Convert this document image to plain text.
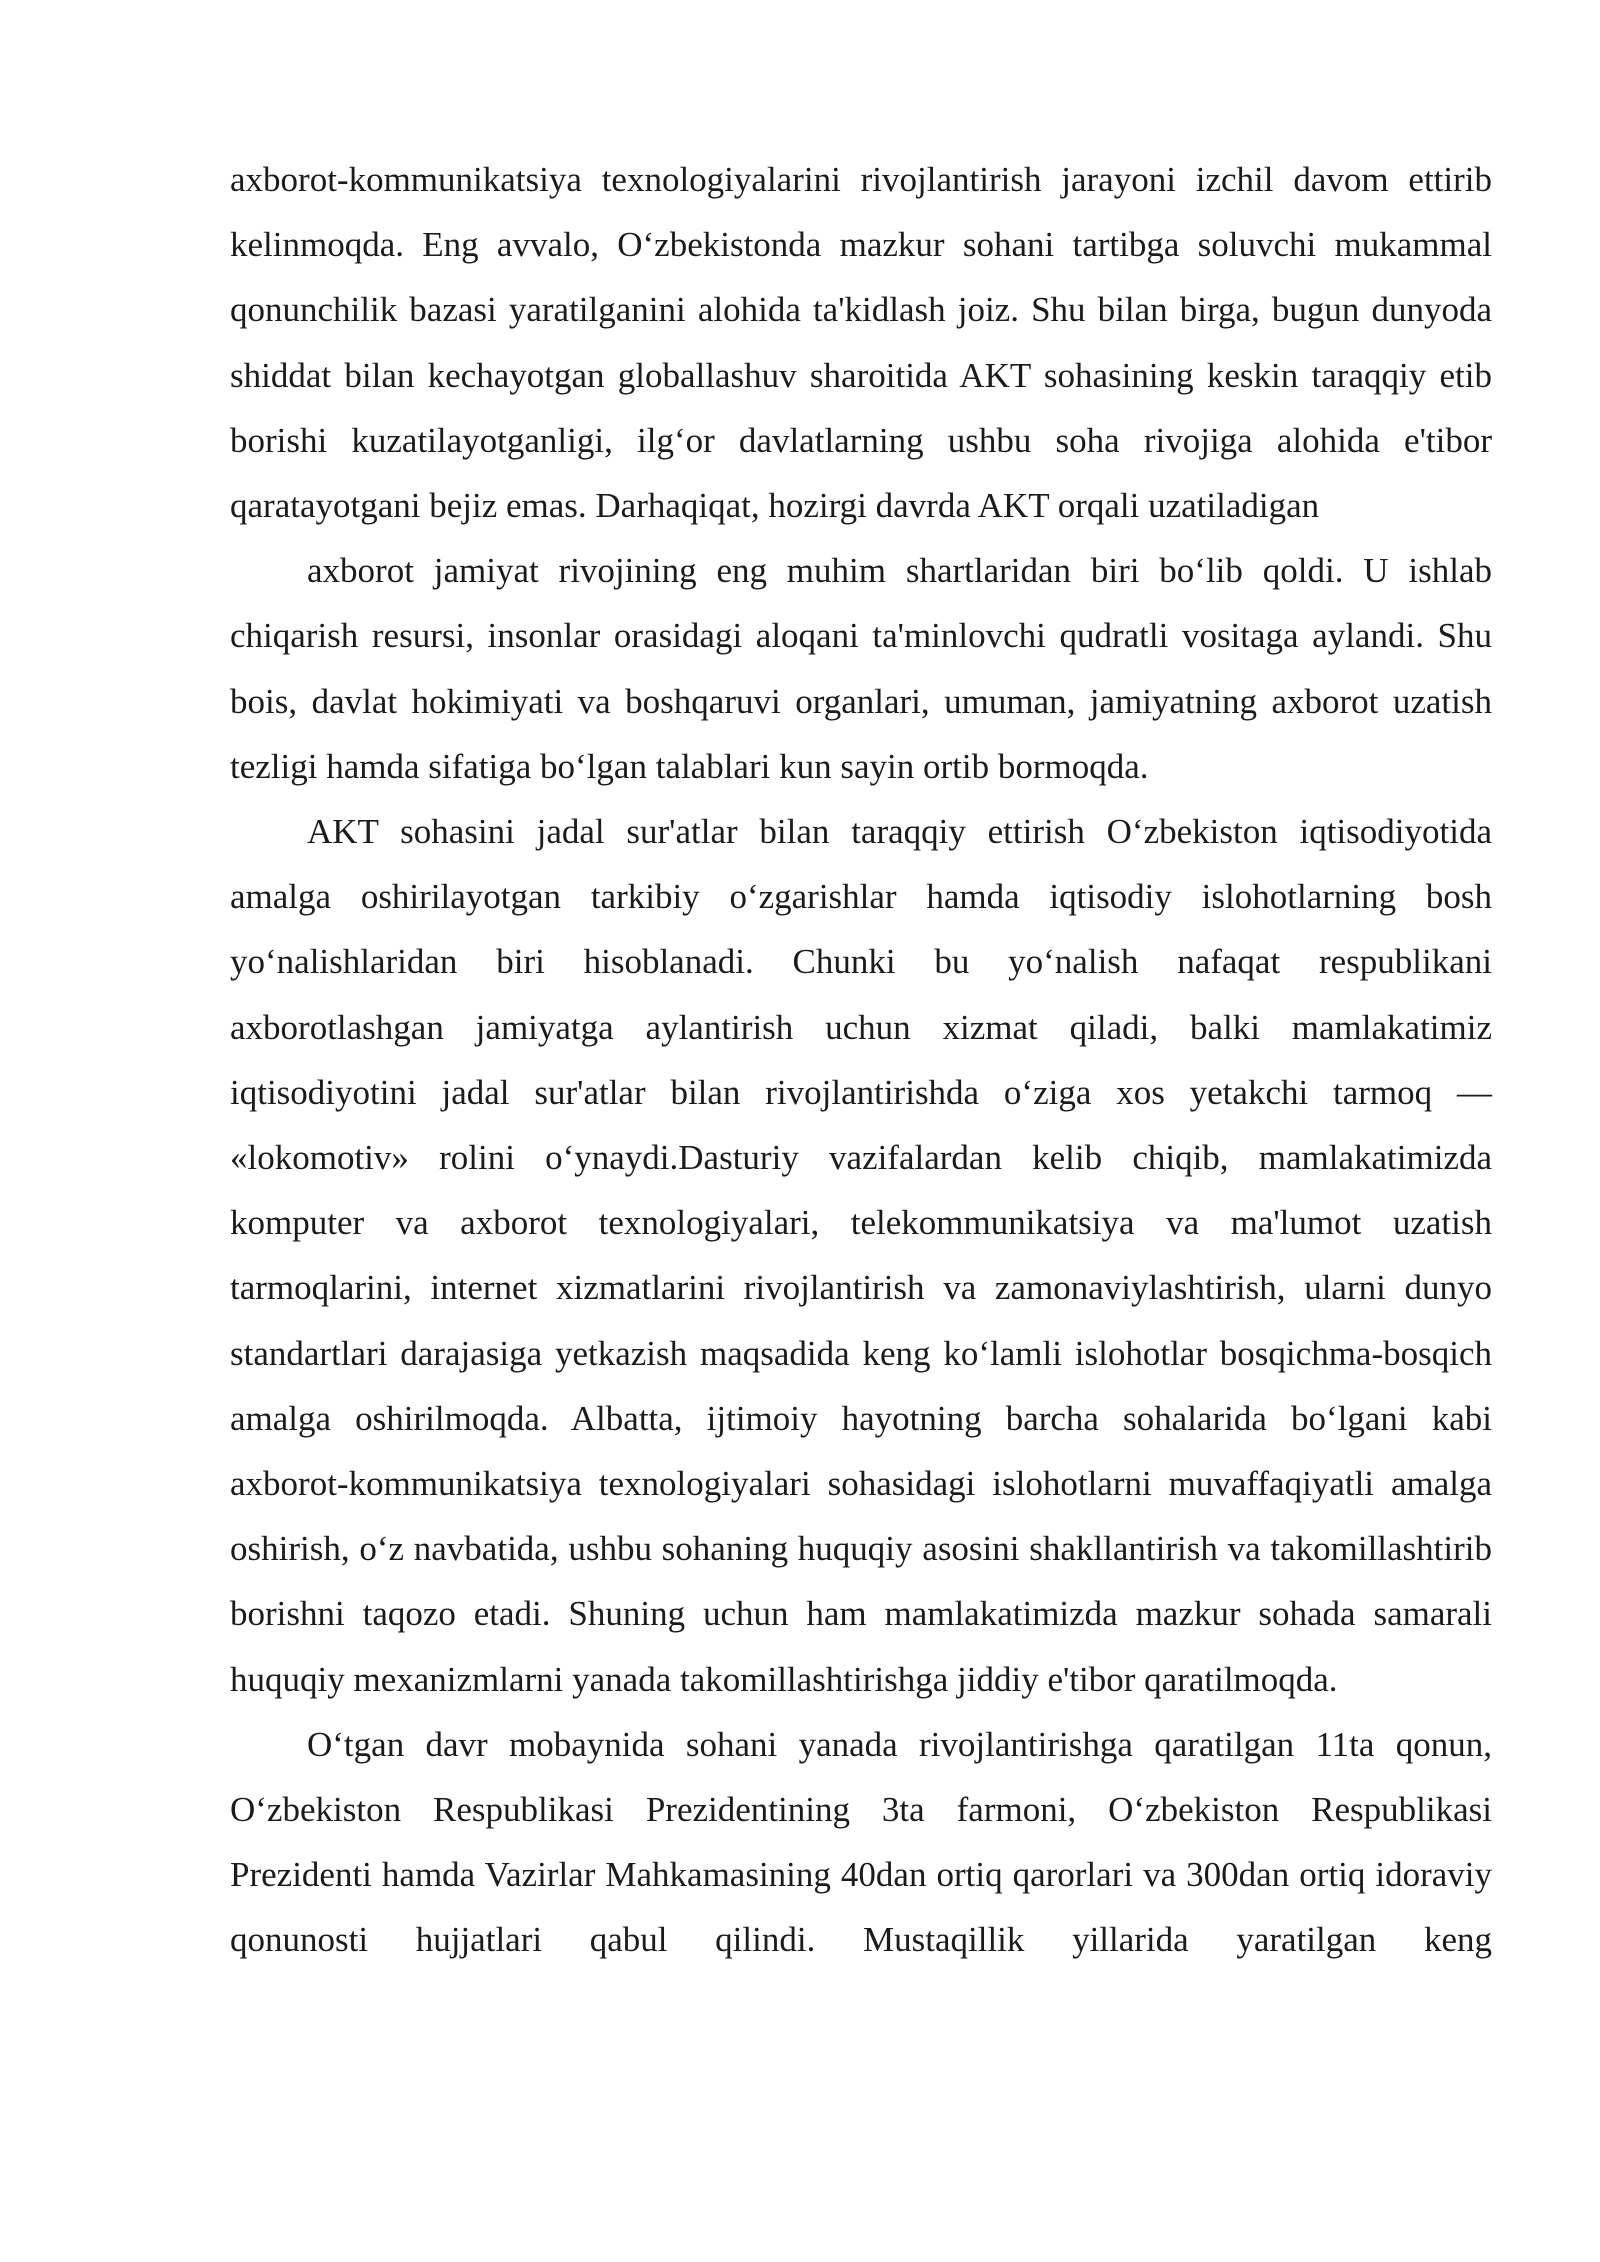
axborot-kommunikatsiya texnologiyalarini rivojlantirish jarayoni izchil davom ettirib kelinmoqda. Eng avvalo, O‘zbekistonda mazkur sohani tartibga soluvchi mukammal qonunchilik bazasi yaratilganini alohida ta'kidlash joiz. Shu bilan birga, bugun dunyoda shiddat bilan kechayotgan globallashuv sharoitida AKT sohasining keskin taraqqiy etib borishi kuzatilayotganligi, ilg‘or davlatlarning ushbu soha rivojiga alohida e'tibor qaratayotgani bejiz emas. Darhaqiqat, hozirgi davrda AKT orqali uzatiladigan

axborot jamiyat rivojining eng muhim shartlaridan biri bo‘lib qoldi. U ishlab chiqarish resursi, insonlar orasidagi aloqani ta'minlovchi qudratli vositaga aylandi. Shu bois, davlat hokimiyati va boshqaruvi organlari, umuman, jamiyatning axborot uzatish tezligi hamda sifatiga bo‘lgan talablari kun sayin ortib bormoqda.

AKT sohasini jadal sur'atlar bilan taraqqiy ettirish O‘zbekiston iqtisodiyotida amalga oshirilayotgan tarkibiy o‘zgarishlar hamda iqtisodiy islohotlarning bosh yo‘nalishlaridan biri hisoblanadi. Chunki bu yo‘nalish nafaqat respublikani axborotlashgan jamiyatga aylantirish uchun xizmat qiladi, balki mamlakatimiz iqtisodiyotini jadal sur'atlar bilan rivojlantirishda o‘ziga xos yetakchi tarmoq — «lokomotiv» rolini o‘ynaydi.Dasturiy vazifalardan kelib chiqib, mamlakatimizda komputer va axborot texnologiyalari, telekommunikatsiya va ma'lumot uzatish tarmoqlarini, internet xizmatlarini rivojlantirish va zamonaviylashtirish, ularni dunyo standartlari darajasiga yetkazish maqsadida keng ko‘lamli islohotlar bosqichma-bosqich amalga oshirilmoqda. Albatta, ijtimoiy hayotning barcha sohalarida bo‘lgani kabi axborot-kommunikatsiya texnologiyalari sohasidagi islohotlarni muvaffaqiyatli amalga oshirish, o‘z navbatida, ushbu sohaning huquqiy asosini shakllantirish va takomillashtirib borishni taqozo etadi. Shuning uchun ham mamlakatimizda mazkur sohada samarali huquqiy mexanizmlarni yanada takomillashtirishga jiddiy e'tibor qaratilmoqda.

O‘tgan davr mobaynida sohani yanada rivojlantirishga qaratilgan 11ta qonun, O‘zbekiston Respublikasi Prezidentining 3ta farmoni, O‘zbekiston Respublikasi Prezidenti hamda Vazirlar Mahkamasining 40dan ortiq qarorlari va 300dan ortiq idoraviy qonunosti hujjatlari qabul qilindi. Mustaqillik yillarida yaratilgan keng
